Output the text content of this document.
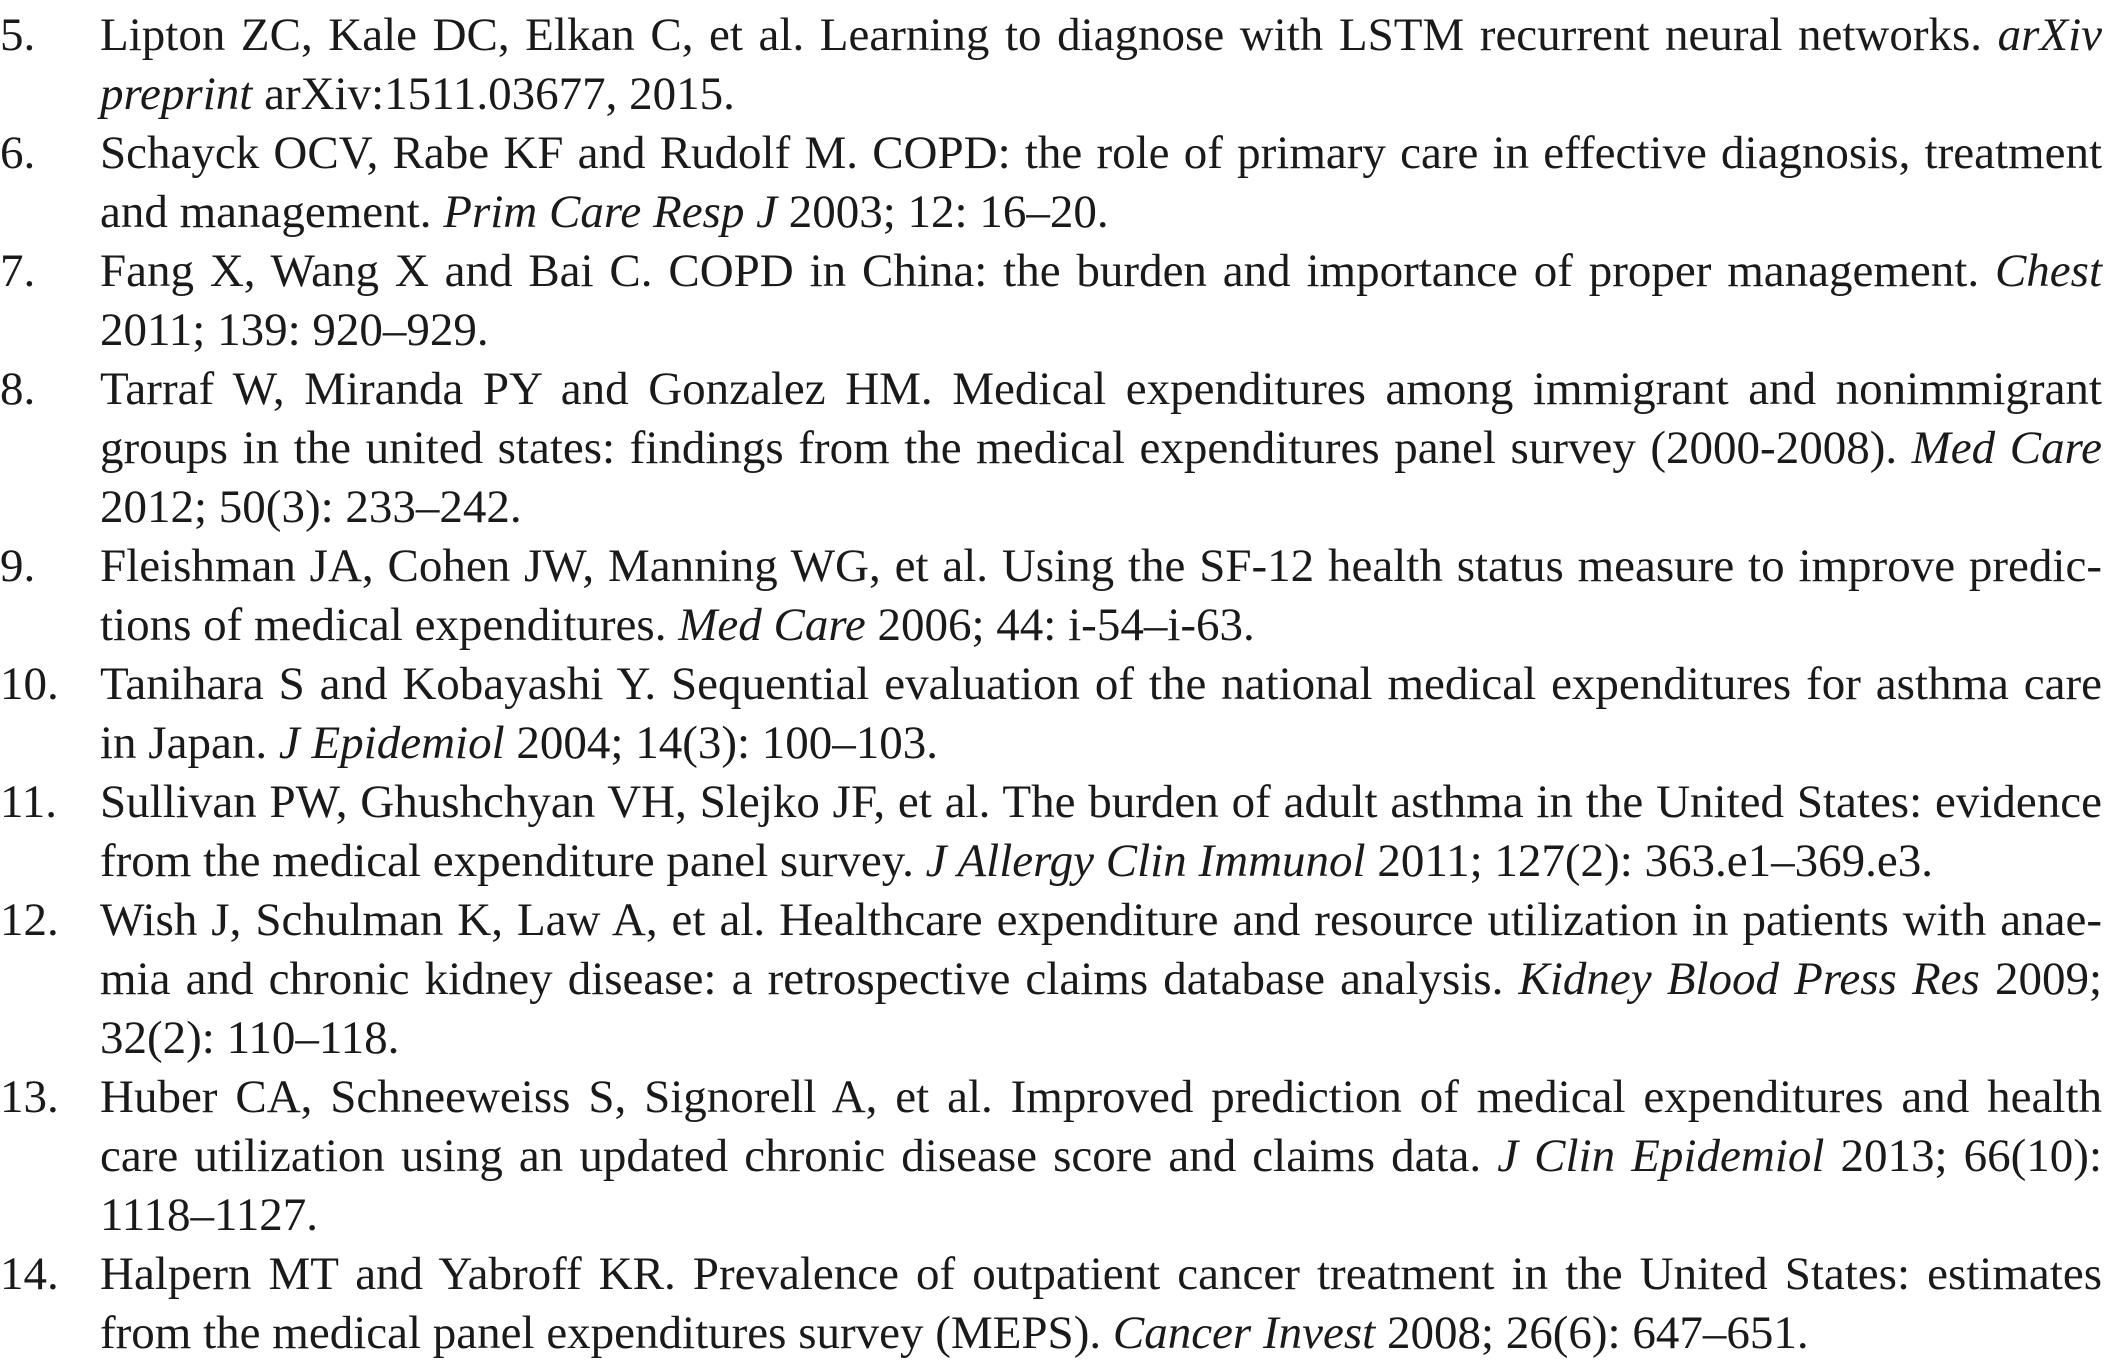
5.	Lipton ZC, Kale DC, Elkan C, et al. Learning to diagnose with LSTM recurrent neural networks. arXiv preprint arXiv:1511.03677, 2015.
6.	Schayck OCV, Rabe KF and Rudolf M. COPD: the role of primary care in effective diagnosis, treatment and management. Prim Care Resp J 2003; 12: 16–20.
7.	Fang X, Wang X and Bai C. COPD in China: the burden and importance of proper management. Chest 2011; 139: 920–929.
8.	Tarraf W, Miranda PY and Gonzalez HM. Medical expenditures among immigrant and nonimmigrant groups in the united states: findings from the medical expenditures panel survey (2000-2008). Med Care 2012; 50(3): 233–242.
9.	Fleishman JA, Cohen JW, Manning WG, et al. Using the SF-12 health status measure to improve predictions of medical expenditures. Med Care 2006; 44: i-54–i-63.
10. Tanihara S and Kobayashi Y. Sequential evaluation of the national medical expenditures for asthma care in Japan. J Epidemiol 2004; 14(3): 100–103.
11. Sullivan PW, Ghushchyan VH, Slejko JF, et al. The burden of adult asthma in the United States: evidence from the medical expenditure panel survey. J Allergy Clin Immunol 2011; 127(2): 363.e1–369.e3.
12. Wish J, Schulman K, Law A, et al. Healthcare expenditure and resource utilization in patients with anaemia and chronic kidney disease: a retrospective claims database analysis. Kidney Blood Press Res 2009; 32(2): 110–118.
13. Huber CA, Schneeweiss S, Signorell A, et al. Improved prediction of medical expenditures and health care utilization using an updated chronic disease score and claims data. J Clin Epidemiol 2013; 66(10): 1118–1127.
14. Halpern MT and Yabroff KR. Prevalence of outpatient cancer treatment in the United States: estimates from the medical panel expenditures survey (MEPS). Cancer Invest 2008; 26(6): 647–651.
